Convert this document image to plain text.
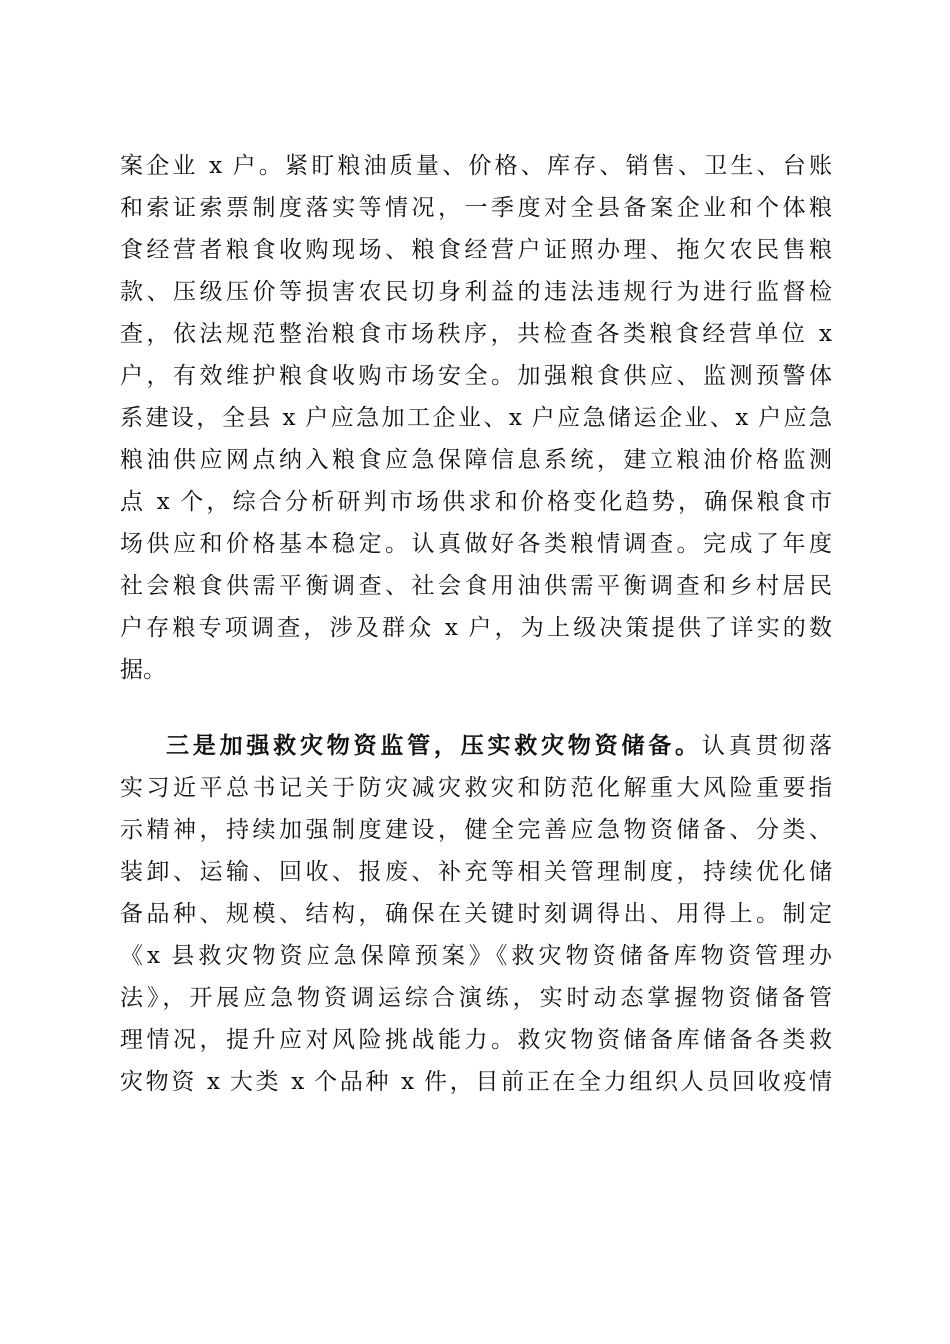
案企业 x 户。紧盯粮油质量、价格、库存、销售、卫生、台账
和索证索票制度落实等情况，一季度对全县备案企业和个体粮
食经营者粮食收购现场、粮食经营户证照办理、拖欠农民售粮
款、压级压价等损害农民切身利益的违法违规行为进行监督检
查，依法规范整治粮食市场秩序，共检查各类粮食经营单位 x
户，有效维护粮食收购市场安全。加强粮食供应、监测预警体
系建设，全县 x 户应急加工企业、x 户应急储运企业、x 户应急
粮油供应网点纳入粮食应急保障信息系统，建立粮油价格监测
点 x 个，综合分析研判市场供求和价格变化趋势，确保粮食市
场供应和价格基本稳定。认真做好各类粮情调查。完成了年度
社会粮食供需平衡调查、社会食用油供需平衡调查和乡村居民
户存粮专项调查，涉及群众 x 户，为上级决策提供了详实的数
据。
三是加强救灾物资监管，压实救灾物资储备。认真贯彻落
实习近平总书记关于防灾减灾救灾和防范化解重大风险重要指
示精神，持续加强制度建设，健全完善应急物资储备、分类、
装卸、运输、回收、报废、补充等相关管理制度，持续优化储
备品种、规模、结构，确保在关键时刻调得出、用得上。制定
《x 县救灾物资应急保障预案》《救灾物资储备库物资管理办
法》，开展应急物资调运综合演练，实时动态掌握物资储备管
理情况，提升应对风险挑战能力。救灾物资储备库储备各类救
灾物资 x 大类 x 个品种 x 件，目前正在全力组织人员回收疫情
